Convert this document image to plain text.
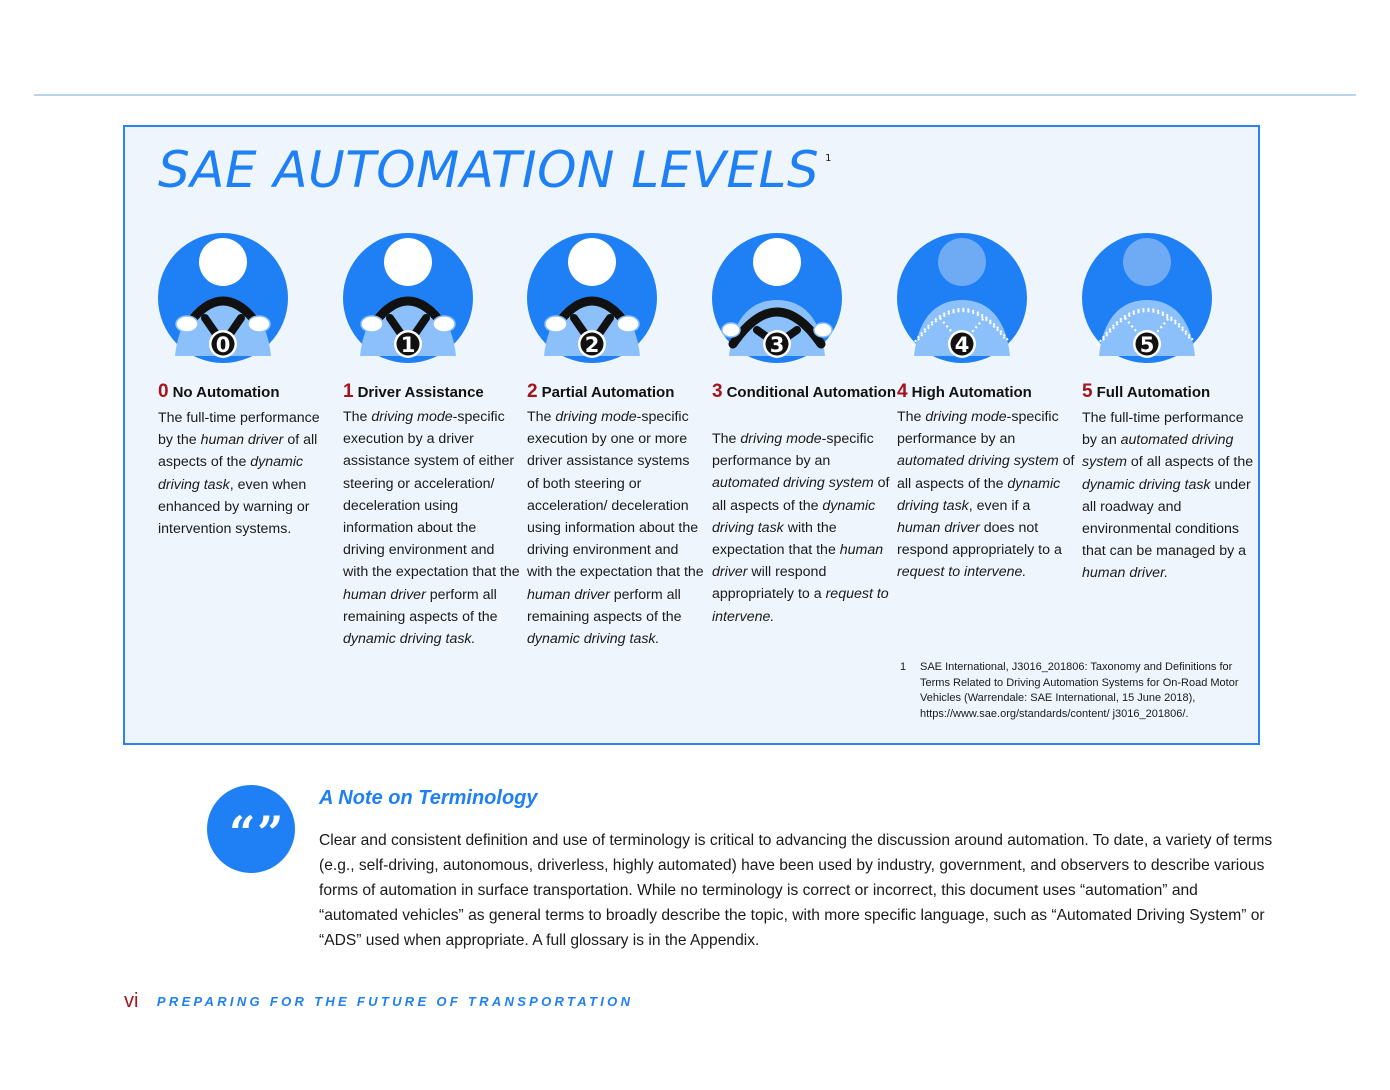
SAE AUTOMATION LEVELS $^1$
0
0 No Automation
The full-time performance by the human driver of all aspects of the dynamic driving task, even when enhanced by warning or intervention systems.
1
1 Driver Assistance
The driving mode-specific execution by a driver assistance system of either steering or acceleration/ deceleration using information about the driving environment and with the expectation that the human driver perform all remaining aspects of the dynamic driving task.
2
2 Partial Automation
The driving mode-specific execution by one or more driver assistance systems of both steering or acceleration/ deceleration using information about the driving environment and with the expectation that the human driver perform all remaining aspects of the dynamic driving task.
3
3 Conditional Automation
The driving mode-specific performance by an automated driving system of all aspects of the dynamic driving task with the expectation that the human driver will respond appropriately to a request to intervene.
4
4 High Automation
The driving mode-specific performance by an automated driving system of all aspects of the dynamic driving task, even if a human driver does not respond appropriately to a request to intervene.
5
5 Full Automation
The full-time performance by an automated driving system of all aspects of the dynamic driving task under all roadway and environmental conditions that can be managed by a human driver.
1	SAE International, J3016_201806: Taxonomy and Definitions for Terms Related to Driving Automation Systems for On-Road Motor Vehicles (Warrendale: SAE International, 15 June 2018), https://www.sae.org/standards/content/ j3016_201806/.
“ ”
A Note on Terminology

Clear and consistent definition and use of terminology is critical to advancing the discussion around automation. To date, a variety of terms (e.g., self-driving, autonomous, driverless, highly automated) have been used by industry, government, and observers to describe various forms of automation in surface transportation. While no terminology is correct or incorrect, this document uses “automation” and “automated vehicles” as general terms to broadly describe the topic, with more specific language, such as “Automated Driving System” or “ADS” used when appropriate. A full glossary is in the Appendix.

vi PREPARING FOR THE FUTURE OF TRANSPORTATION
